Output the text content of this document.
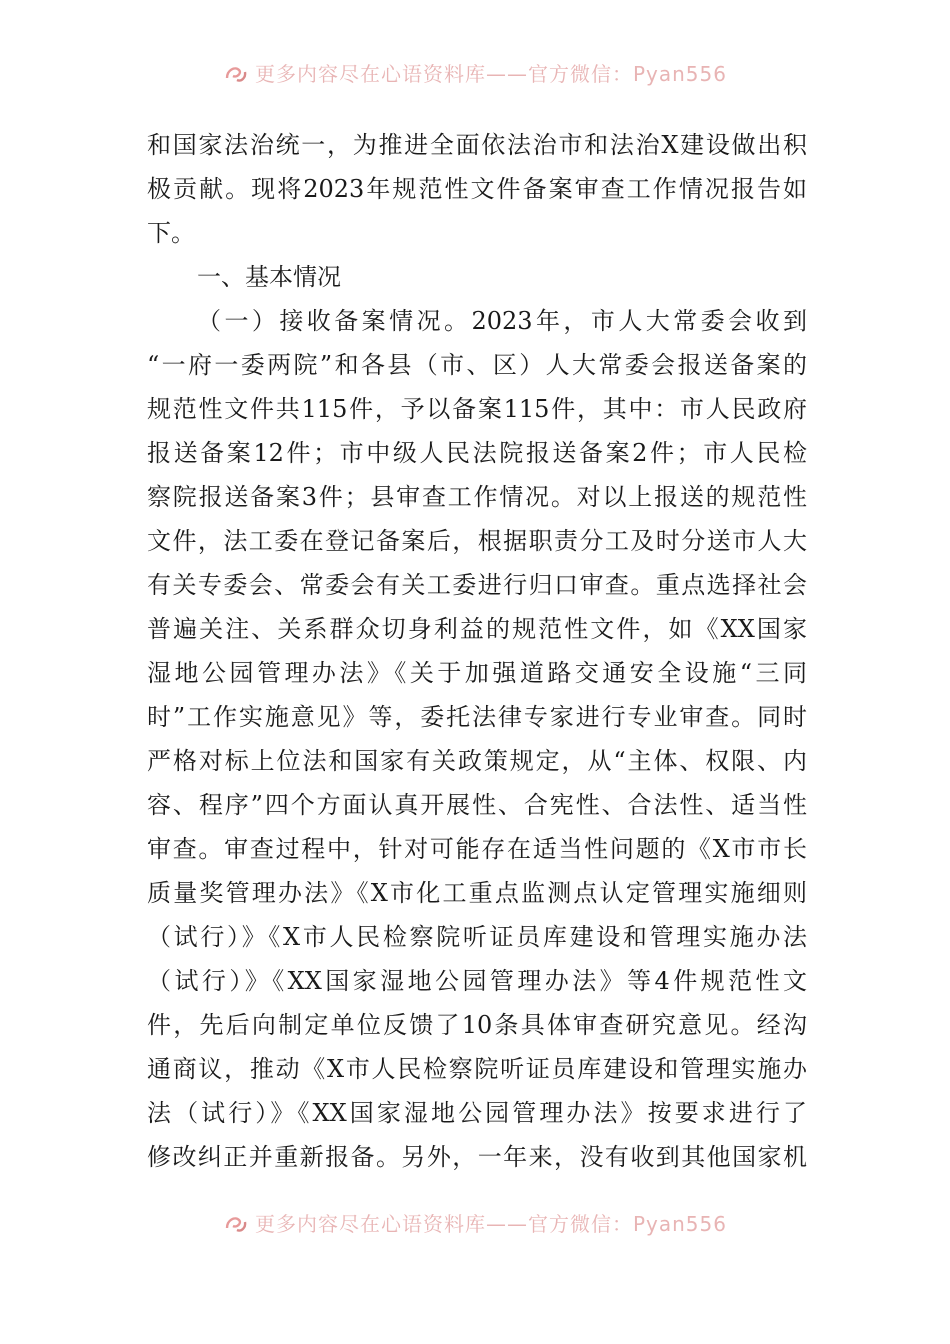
更多内容尽在心语资料库——官方微信：Pyan556
和国家法治统一，为推进全面依法治市和法治X建设做出积
极贡献。现将2023年规范性文件备案审查工作情况报告如
下。
一、基本情况
（一）接收备案情况。2023年，市人大常委会收到
“一府一委两院”和各县（市、区）人大常委会报送备案的
规范性文件共115件，予以备案115件，其中：市人民政府
报送备案12件；市中级人民法院报送备案2件；市人民检
察院报送备案3件；县审查工作情况。对以上报送的规范性
文件，法工委在登记备案后，根据职责分工及时分送市人大
有关专委会、常委会有关工委进行归口审查。重点选择社会
普遍关注、关系群众切身利益的规范性文件，如《XX国家
湿地公园管理办法》《关于加强道路交通安全设施“三同
时”工作实施意见》等，委托法律专家进行专业审查。同时
严格对标上位法和国家有关政策规定，从“主体、权限、内
容、程序”四个方面认真开展性、合宪性、合法性、适当性
审查。审查过程中，针对可能存在适当性问题的《X市市长
质量奖管理办法》《X市化工重点监测点认定管理实施细则
（试行）》《X市人民检察院听证员库建设和管理实施办法
（试行）》《XX国家湿地公园管理办法》等4件规范性文
件，先后向制定单位反馈了10条具体审查研究意见。经沟
通商议，推动《X市人民检察院听证员库建设和管理实施办
法（试行）》《XX国家湿地公园管理办法》按要求进行了
修改纠正并重新报备。另外，一年来，没有收到其他国家机
更多内容尽在心语资料库——官方微信：Pyan556
